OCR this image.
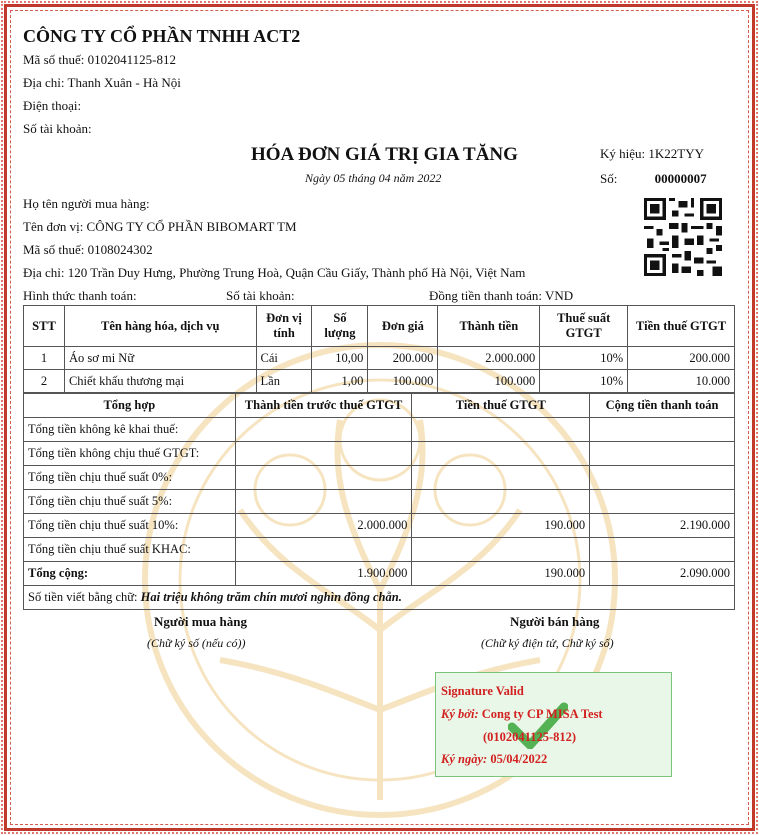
CÔNG TY CỔ PHẦN TNHH ACT2
Mã số thuế: 0102041125-812
Địa chỉ: Thanh Xuân - Hà Nội
Điện thoại:
Số tài khoản:
HÓA ĐƠN GIÁ TRỊ GIA TĂNG
Ngày 05 tháng 04 năm 2022
Ký hiệu: 1K22TYY
Số:	00000007
Họ tên người mua hàng:
Tên đơn vị: CÔNG TY CỔ PHẦN BIBOMART TM
Mã số thuế: 0108024302
Địa chỉ: 120 Trần Duy Hưng, Phường Trung Hoà, Quận Cầu Giấy, Thành phố Hà Nội, Việt Nam
Hình thức thanh toán:	Số tài khoản:	Đồng tiền thanh toán: VND
STT	Tên hàng hóa, dịch vụ	Đơn vị tính	Số lượng	Đơn giá	Thành tiền	Thuế suất GTGT	Tiền thuế GTGT
1	Áo sơ mi Nữ	Cái	10,00	200.000	2.000.000	10%	200.000
2	Chiết khấu thương mại	Lần	1,00	100.000	100.000	10%	10.000
Tổng hợp	Thành tiền trước thuế GTGT	Tiền thuế GTGT	Cộng tiền thanh toán
Tổng tiền không kê khai thuế:			
Tổng tiền không chịu thuế GTGT:			
Tổng tiền chịu thuế suất 0%:			
Tổng tiền chịu thuế suất 5%:			
Tổng tiền chịu thuế suất 10%:	2.000.000	190.000	2.190.000
Tổng tiền chịu thuế suất KHAC:			
Tổng cộng:	1.900.000	190.000	2.090.000
Số tiền viết bằng chữ: Hai triệu không trăm chín mươi nghìn đồng chẵn.			
Người mua hàng
(Chữ ký số (nếu có))
Người bán hàng
(Chữ ký điện tử, Chữ ký số)
Signature Valid
Ký bởi: Cong ty CP MISA Test
(0102041125-812)
Ký ngày: 05/04/2022
